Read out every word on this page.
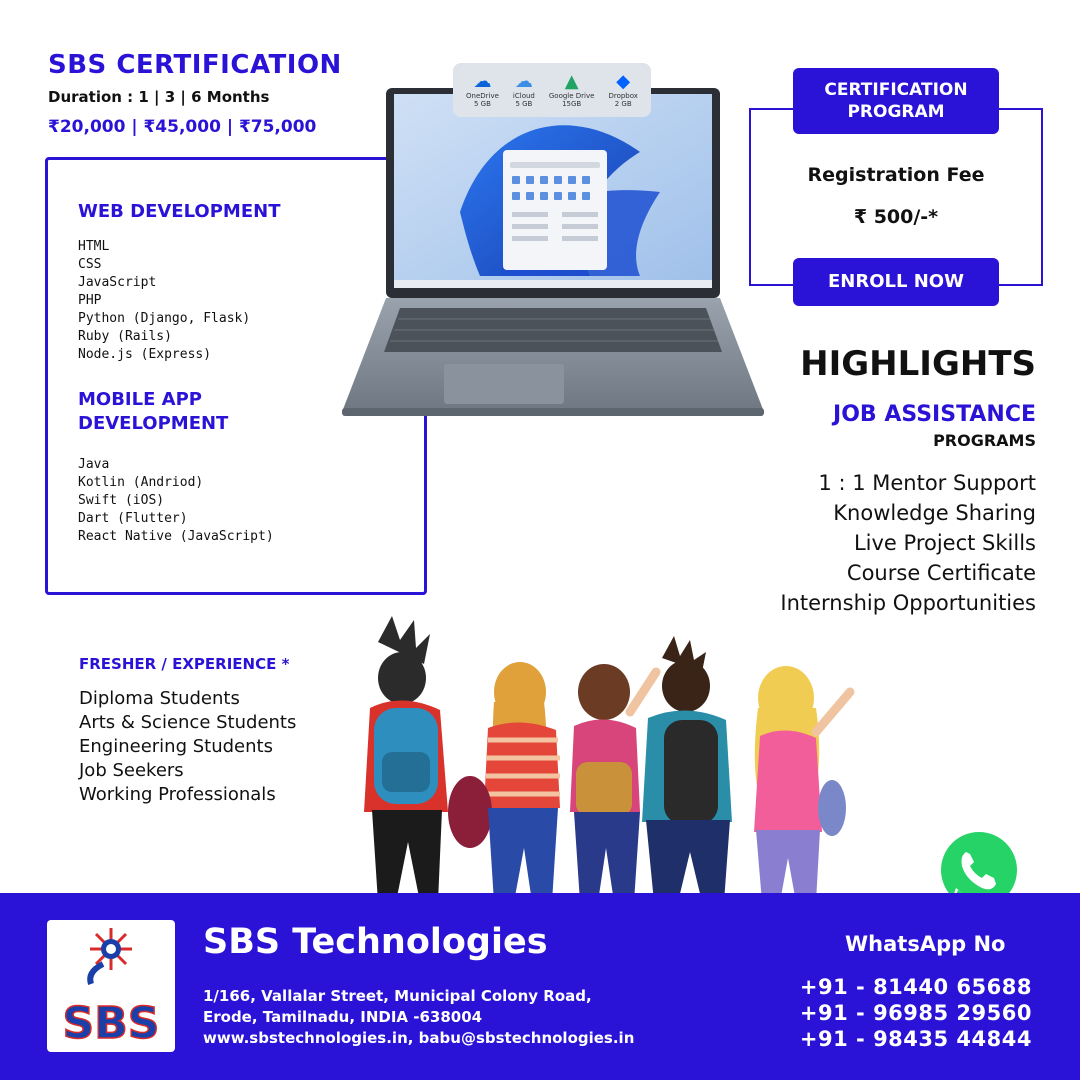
SBS CERTIFICATION
Duration : 1 | 3 | 6 Months
₹20,000 | ₹45,000 | ₹75,000
WEB DEVELOPMENT
HTML
CSS
JavaScript
PHP
Python (Django, Flask)
Ruby (Rails)
Node.js (Express)
MOBILE APP
DEVELOPMENT
Java
Kotlin (Andriod)
Swift (iOS)
Dart (Flutter)
React Native (JavaScript)
☁
OneDrive
5 GB
☁
iCloud
5 GB
▲
Google Drive
15GB
◆
Dropbox
2 GB
CERTIFICATION
PROGRAM
Registration Fee
₹ 500/-*
ENROLL NOW
HIGHLIGHTS
JOB ASSISTANCE
PROGRAMS
1 : 1 Mentor Support
Knowledge Sharing
Live Project Skills
Course Certificate
Internship Opportunities
FRESHER / EXPERIENCE *
Diploma Students
Arts & Science Students
Engineering Students
Job Seekers
Working Professionals
SBS
SBS Technologies
1/166, Vallalar Street, Municipal Colony Road,
Erode, Tamilnadu, INDIA -638004
www.sbstechnologies.in, babu@sbstechnologies.in
WhatsApp No
+91 - 81440 65688
+91 - 96985 29560
+91 - 98435 44844
